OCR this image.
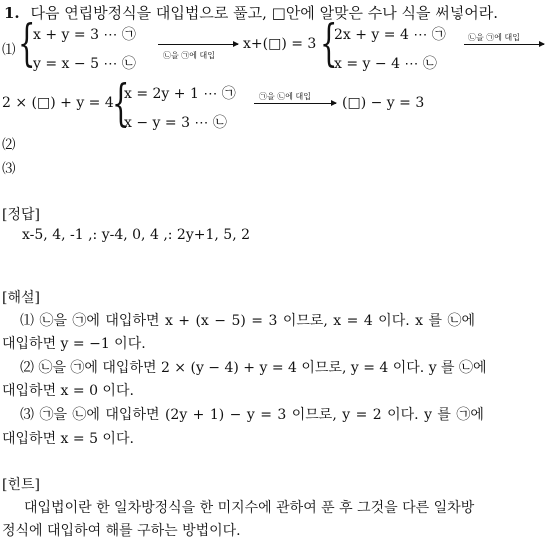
1. 다음 연립방정식을 대입법으로 풀고, □안에 알맞은 수나 식을 써넣어라.
⑴ {
x + y = 3 ⋯ ㉠
y = x − 5 ⋯ ㉡
㉡을 ㉠에 대입
x+(□) = 3 {
2x + y = 4 ⋯ ㉠
x = y − 4 ⋯ ㉡
㉡을 ㉠에 대입
2 × (□) + y = 4
{
x = 2y + 1 ⋯ ㉠
x − y = 3 ⋯ ㉡
㉠을 ㉡에 대입 (□) − y = 3
⑵
⑶
[정답]
x-5, 4, -1 ,: y-4, 0, 4 ,: 2y+1, 5, 2
[해설]
⑴ ㉡을 ㉠에 대입하면 x + (x − 5) = 3 이므로, x = 4 이다. x 를 ㉡에
대입하면 y = −1 이다.
⑵ ㉡을 ㉠에 대입하면 2 × (y − 4) + y = 4 이므로, y = 4 이다. y 를 ㉡에
대입하면 x = 0 이다.
⑶ ㉠을 ㉡에 대입하면 (2y + 1) − y = 3 이므로, y = 2 이다. y 를 ㉠에
대입하면 x = 5 이다.
[힌트]
대입법이란 한 일차방정식을 한 미지수에 관하여 푼 후 그것을 다른 일차방
정식에 대입하여 해를 구하는 방법이다.
